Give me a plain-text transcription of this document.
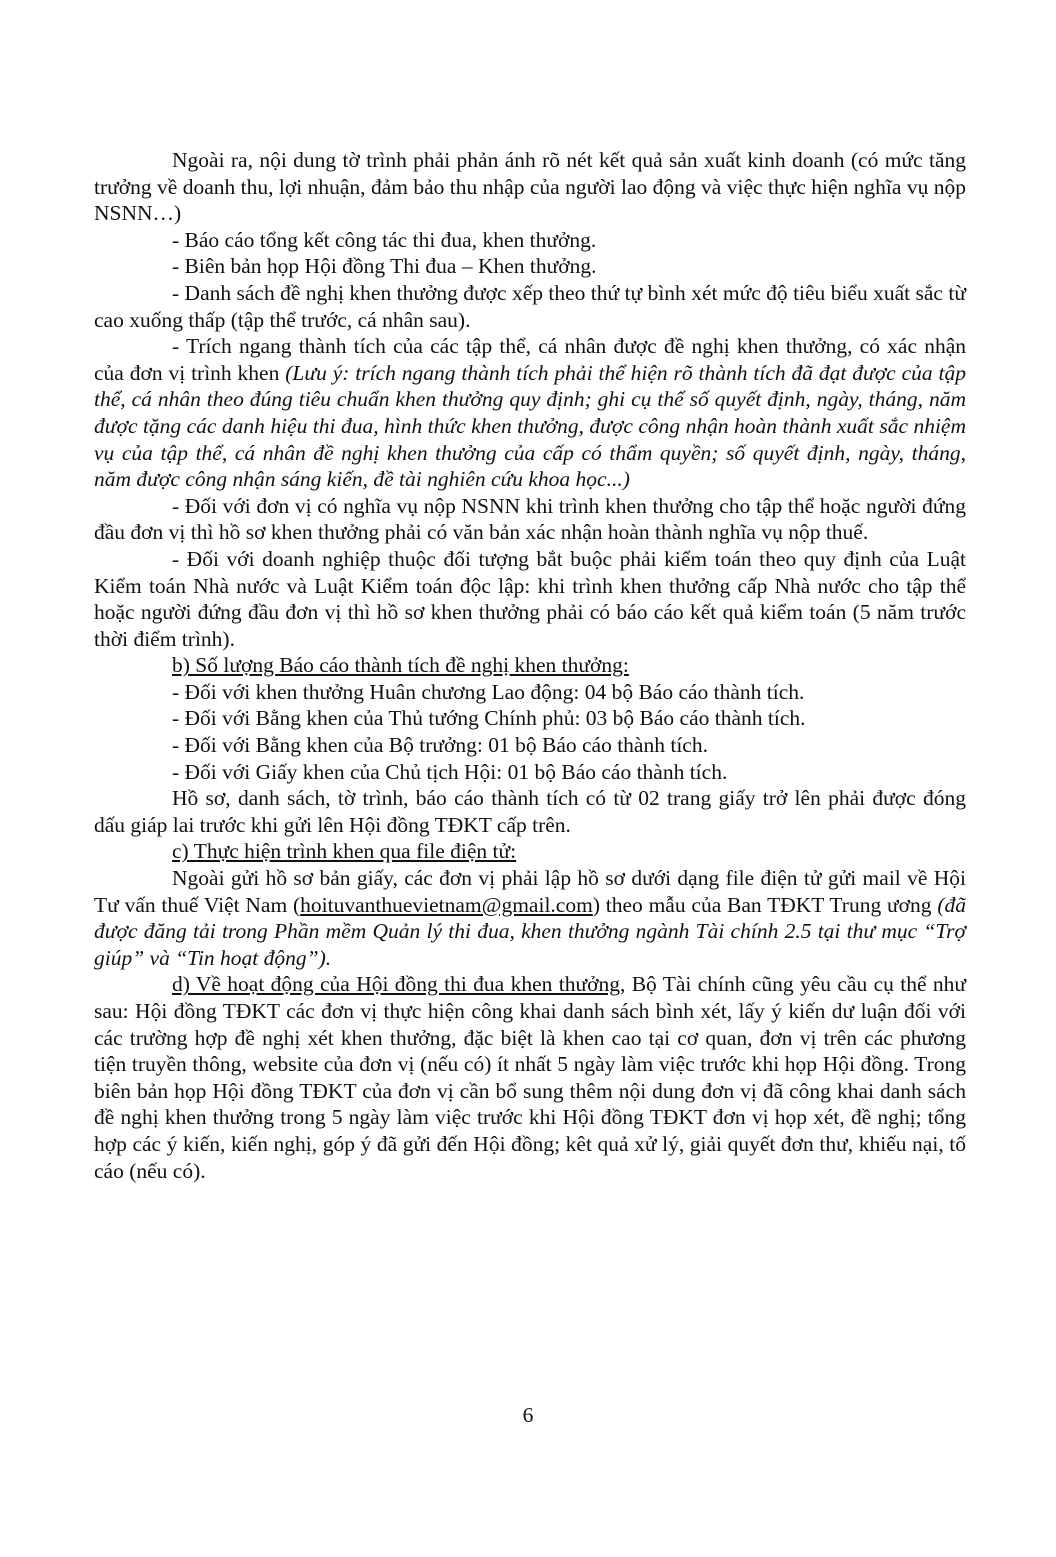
Ngoài ra, nội dung tờ trình phải phản ánh rõ nét kết quả sản xuất kinh doanh (có mức tăng trưởng về doanh thu, lợi nhuận, đảm bảo thu nhập của người lao động và việc thực hiện nghĩa vụ nộp NSNN…)

- Báo cáo tổng kết công tác thi đua, khen thưởng.

- Biên bản họp Hội đồng Thi đua – Khen thưởng.

- Danh sách đề nghị khen thưởng được xếp theo thứ tự bình xét mức độ tiêu biểu xuất sắc từ cao xuống thấp (tập thể trước, cá nhân sau).

- Trích ngang thành tích của các tập thể, cá nhân được đề nghị khen thưởng, có xác nhận của đơn vị trình khen (Lưu ý: trích ngang thành tích phải thể hiện rõ thành tích đã đạt được của tập thể, cá nhân theo đúng tiêu chuẩn khen thưởng quy định; ghi cụ thể số quyết định, ngày, tháng, năm được tặng các danh hiệu thi đua, hình thức khen thưởng, được công nhận hoàn thành xuất sắc nhiệm vụ của tập thể, cá nhân đề nghị khen thưởng của cấp có thẩm quyền; số quyết định, ngày, tháng, năm được công nhận sáng kiến, đề tài nghiên cứu khoa học...)

- Đối với đơn vị có nghĩa vụ nộp NSNN khi trình khen thưởng cho tập thể hoặc người đứng đầu đơn vị thì hồ sơ khen thưởng phải có văn bản xác nhận hoàn thành nghĩa vụ nộp thuế.

- Đối với doanh nghiệp thuộc đối tượng bắt buộc phải kiểm toán theo quy định của Luật Kiểm toán Nhà nước và Luật Kiểm toán độc lập: khi trình khen thưởng cấp Nhà nước cho tập thể hoặc người đứng đầu đơn vị thì hồ sơ khen thưởng phải có báo cáo kết quả kiểm toán (5 năm trước thời điểm trình).

b) Số lượng Báo cáo thành tích đề nghị khen thưởng:

- Đối với khen thưởng Huân chương Lao động: 04 bộ Báo cáo thành tích.

- Đối với Bằng khen của Thủ tướng Chính phủ: 03 bộ Báo cáo thành tích.

- Đối với Bằng khen của Bộ trưởng: 01 bộ Báo cáo thành tích.

- Đối với Giấy khen của Chủ tịch Hội: 01 bộ Báo cáo thành tích.

Hồ sơ, danh sách, tờ trình, báo cáo thành tích có từ 02 trang giấy trở lên phải được đóng dấu giáp lai trước khi gửi lên Hội đồng TĐKT cấp trên.

c) Thực hiện trình khen qua file điện tử:

Ngoài gửi hồ sơ bản giấy, các đơn vị phải lập hồ sơ dưới dạng file điện tử gửi mail về Hội Tư vấn thuế Việt Nam (hoituvanthuevietnam@gmail.com) theo mẫu của Ban TĐKT Trung ương (đã được đăng tải trong Phần mềm Quản lý thi đua, khen thưởng ngành Tài chính 2.5 tại thư mục “Trợ giúp” và “Tin hoạt động”).

d) Về hoạt động của Hội đồng thi đua khen thưởng, Bộ Tài chính cũng yêu cầu cụ thể như sau: Hội đồng TĐKT các đơn vị thực hiện công khai danh sách bình xét, lấy ý kiến dư luận đối với các trường hợp đề nghị xét khen thưởng, đặc biệt là khen cao tại cơ quan, đơn vị trên các phương tiện truyền thông, website của đơn vị (nếu có) ít nhất 5 ngày làm việc trước khi họp Hội đồng. Trong biên bản họp Hội đồng TĐKT của đơn vị cần bổ sung thêm nội dung đơn vị đã công khai danh sách đề nghị khen thưởng trong 5 ngày làm việc trước khi Hội đồng TĐKT đơn vị họp xét, đề nghị; tổng hợp các ý kiến, kiến nghị, góp ý đã gửi đến Hội đồng; kêt quả xử lý, giải quyết đơn thư, khiếu nại, tố cáo (nếu có).

6
